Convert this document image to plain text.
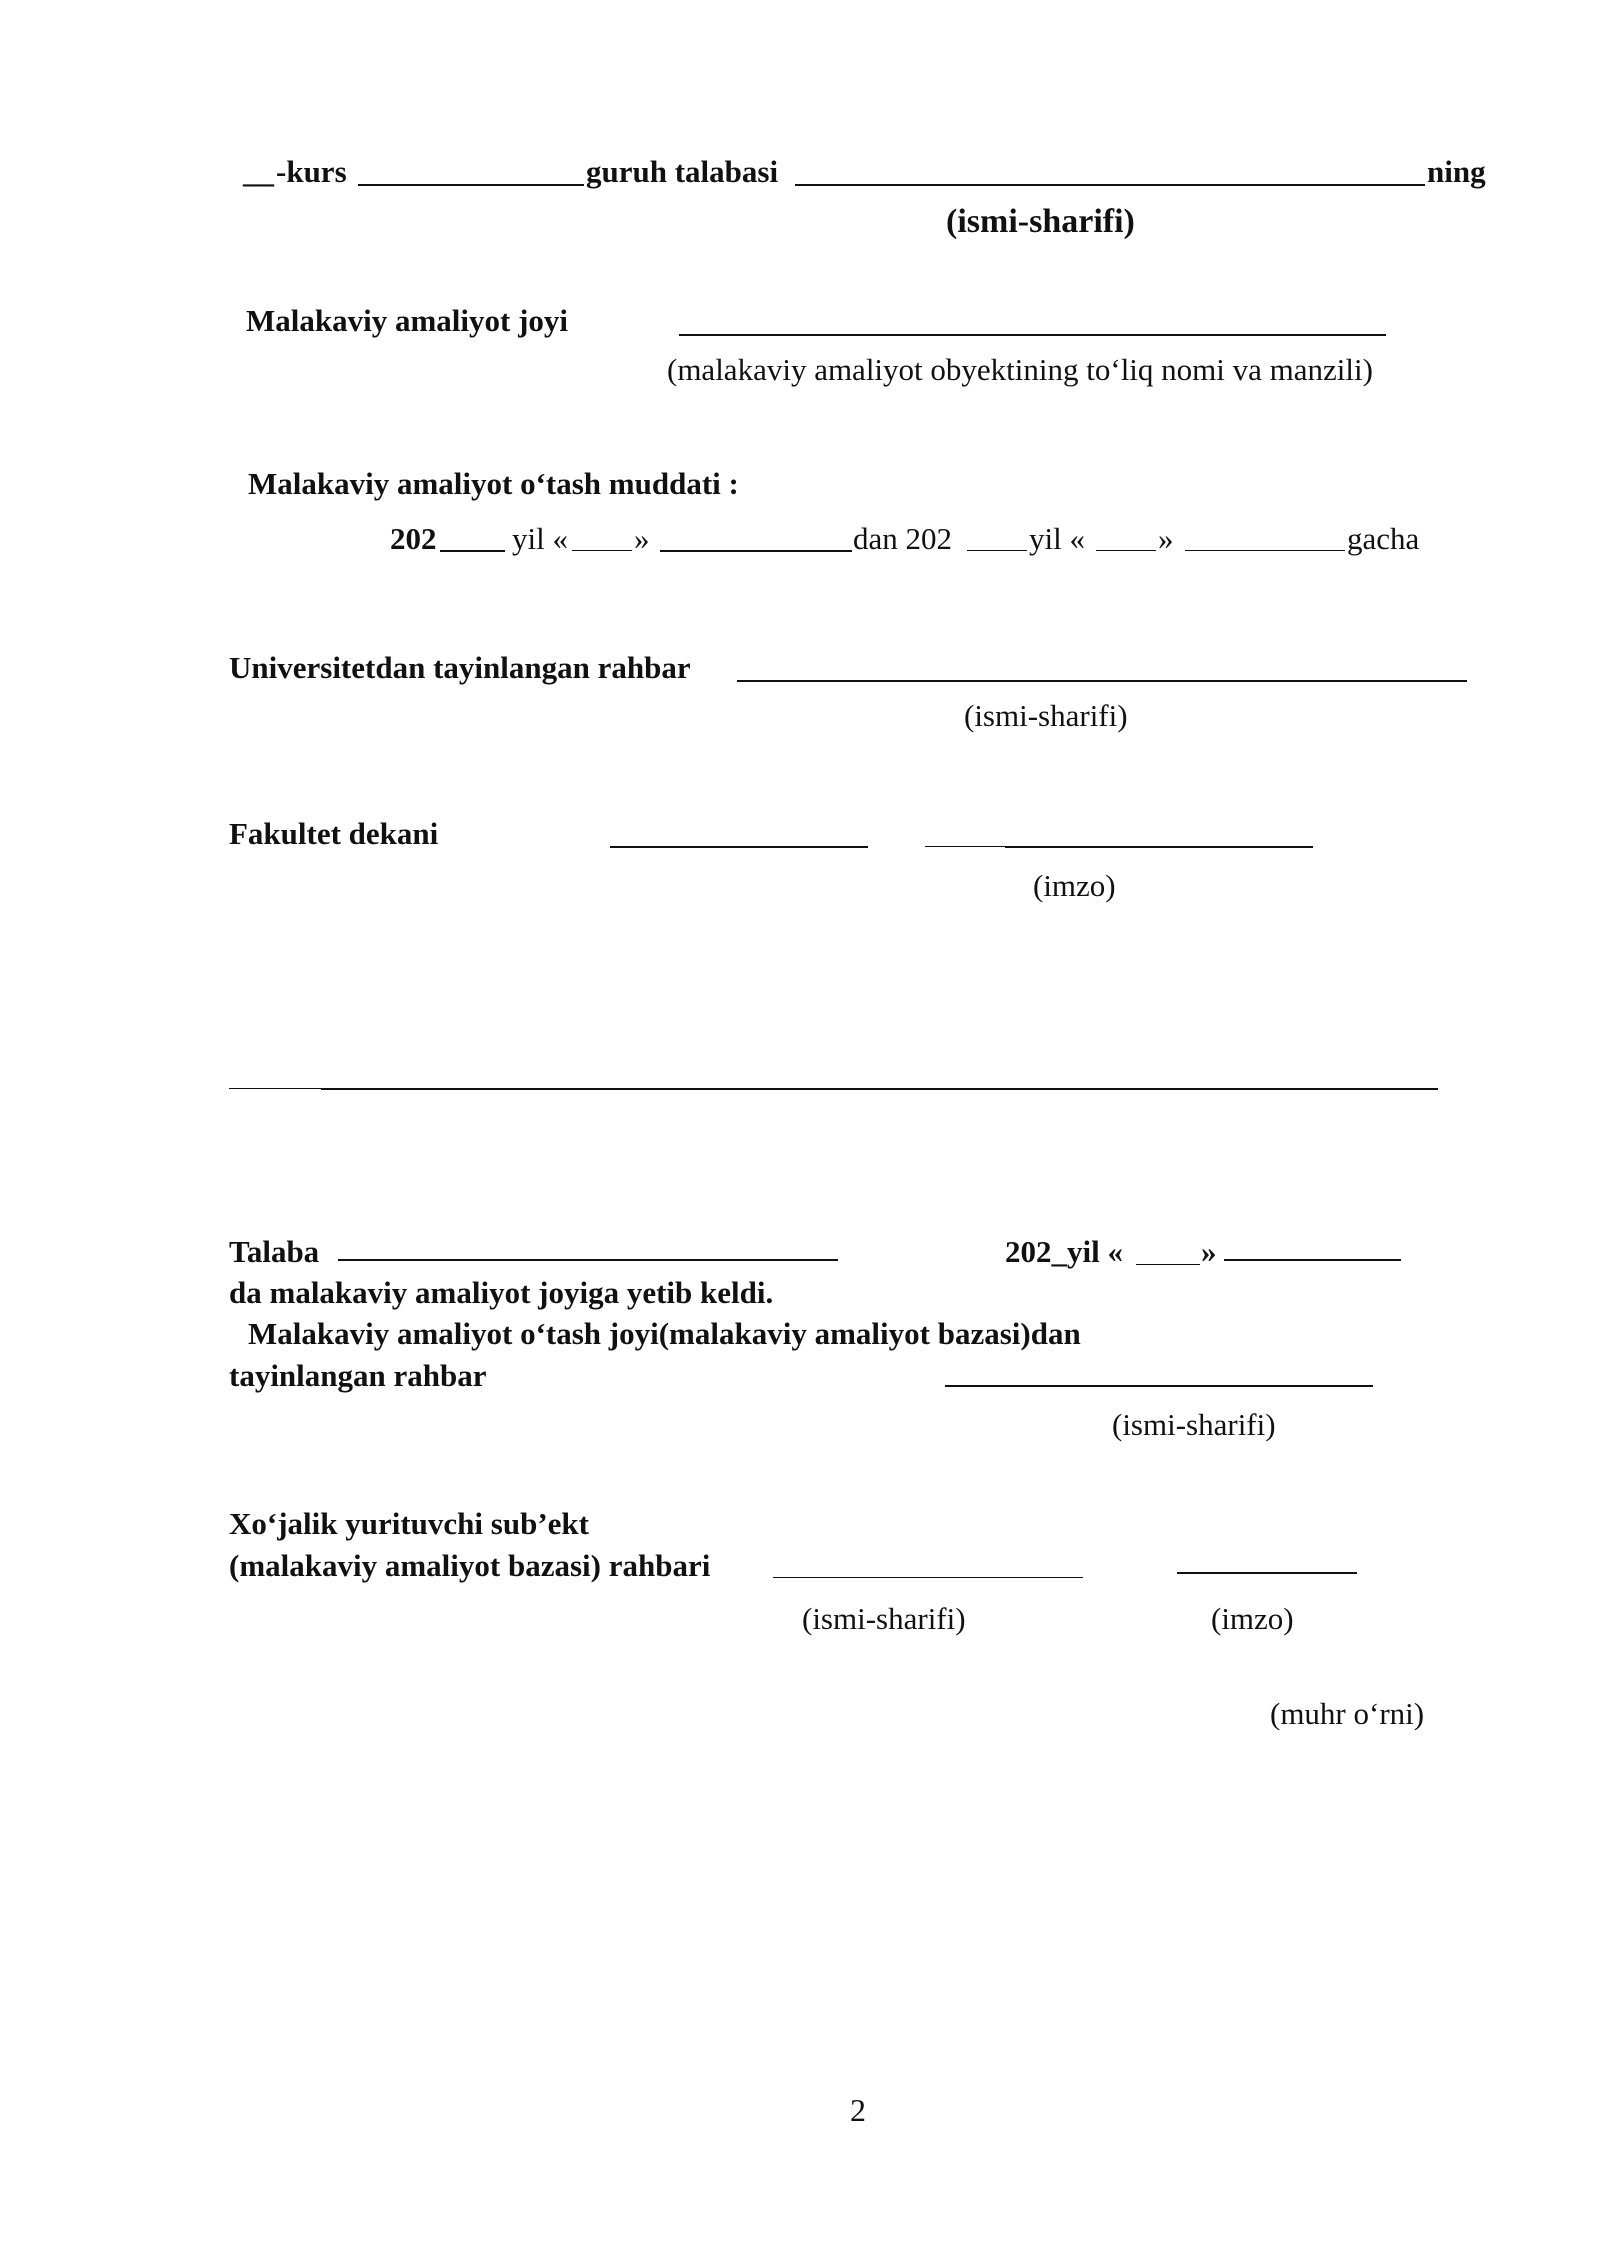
__ -kurs	guruh talabasi	ning
(ismi-sharifi)
Malakaviy amaliyot joyi
(malakaviy amaliyot obyektining to‘liq nomi va manzili)
Malakaviy amaliyot o‘tash muddati :
202 yil « »	dan 202 yil « »	gacha
Universitetdan tayinlangan rahbar
(ismi-sharifi)
Fakultet dekani
(imzo)
Talaba	202_yil «	»
da malakaviy amaliyot joyiga yetib keldi.
Malakaviy amaliyot o‘tash joyi(malakaviy amaliyot bazasi)dan
tayinlangan rahbar
(ismi-sharifi)
Xo‘jalik yurituvchi sub’ekt
(malakaviy amaliyot bazasi) rahbari
(ismi-sharifi)	(imzo)
(muhr o‘rni)
2
